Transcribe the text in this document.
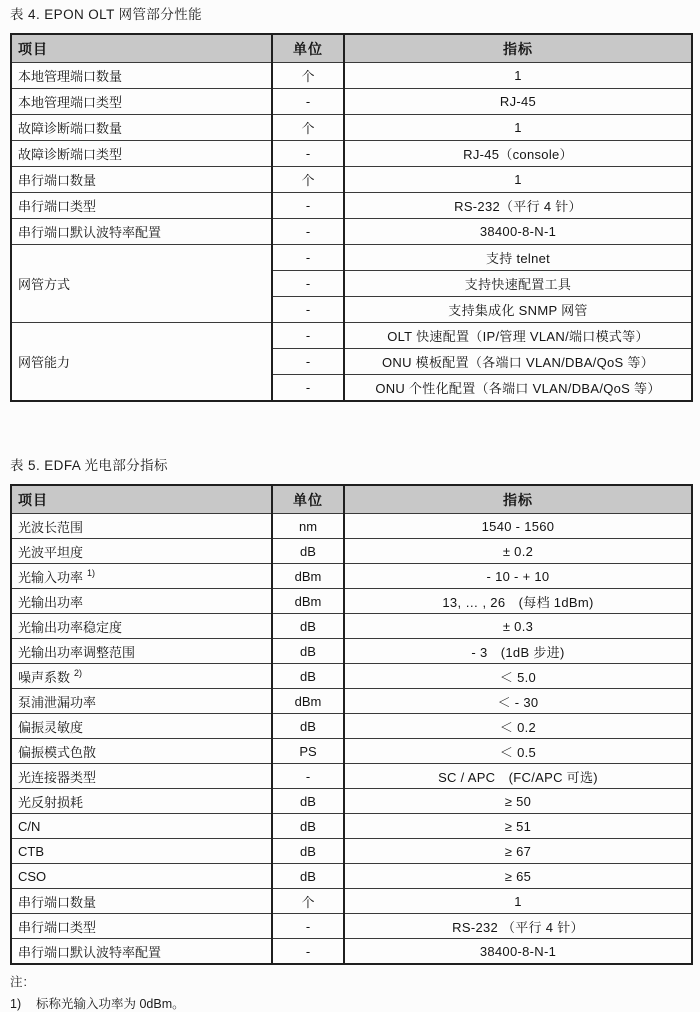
表 4. EPON OLT 网管部分性能

项目	单位	指标
本地管理端口数量	个	1
本地管理端口类型	-	RJ-45
故障诊断端口数量	个	1
故障诊断端口类型	-	RJ-45（console）
串行端口数量	个	1
串行端口类型	-	RS-232（平行 4 针）
串行端口默认波特率配置	-	38400-8-N-1
网管方式	-	支持 telnet
	-	支持快速配置工具
	-	支持集成化 SNMP 网管
网管能力	-	OLT 快速配置（IP/管理 VLAN/端口模式等）
	-	ONU 模板配置（各端口 VLAN/DBA/QoS 等）
	-	ONU 个性化配置（各端口 VLAN/DBA/QoS 等）

表 5. EDFA 光电部分指标

项目	单位	指标
光波长范围	nm	1540 - 1560
光波平坦度	dB	± 0.2
光输入功率 $^{1)}$	dBm	- 10 - + 10
光输出功率	dBm	13, … , 26　(每档 1dBm)
光输出功率稳定度	dB	± 0.3
光输出功率调整范围	dB	- 3　(1dB 步进)
噪声系数 $^{2)}$	dB	＜ 5.0
泵浦泄漏功率	dBm	＜ - 30
偏振灵敏度	dB	＜ 0.2
偏振模式色散	PS	＜ 0.5
光连接器类型	-	SC / APC　(FC/APC 可选)
光反射损耗	dB	≥ 50
C/N	dB	≥ 51
CTB	dB	≥ 67
CSO	dB	≥ 65
串行端口数量	个	1
串行端口类型	-	RS-232 （平行 4 针）
串行端口默认波特率配置	-	38400-8-N-1

注:

1) 标称光输入功率为 0dBm。
